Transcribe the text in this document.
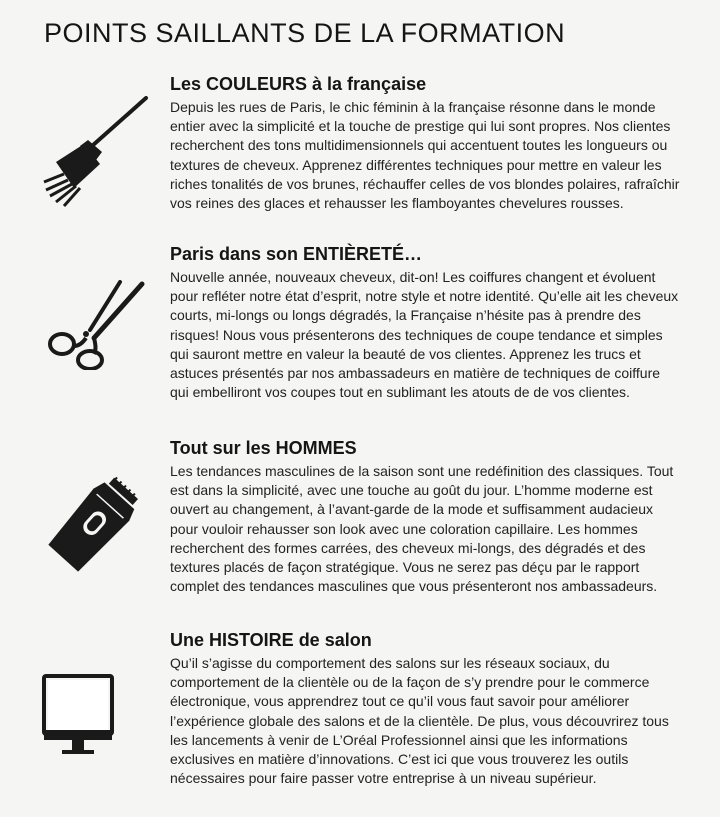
POINTS SAILLANTS DE LA FORMATION
Les COULEURS à la française

Depuis les rues de Paris, le chic féminin à la française résonne dans le monde entier avec la simplicité et la touche de prestige qui lui sont propres. Nos clientes recherchent des tons multidimensionnels qui accentuent toutes les longueurs ou textures de cheveux. Apprenez différentes techniques pour mettre en valeur les riches tonalités de vos brunes, réchauffer celles de vos blondes polaires, rafraîchir vos reines des glaces et rehausser les flamboyantes chevelures rousses.

Paris dans son ENTIÈRETÉ…

Nouvelle année, nouveaux cheveux, dit-on! Les coiffures changent et évoluent pour refléter notre état d’esprit, notre style et notre identité. Qu’elle ait les cheveux courts, mi-longs ou longs dégradés, la Française n’hésite pas à prendre des risques! Nous vous présenterons des techniques de coupe tendance et simples qui sauront mettre en valeur la beauté de vos clientes. Apprenez les trucs et astuces présentés par nos ambassadeurs en matière de techniques de coiffure qui embelliront vos coupes tout en sublimant les atouts de de vos clientes.

Tout sur les HOMMES

Les tendances masculines de la saison sont une redéfinition des classiques. Tout est dans la simplicité, avec une touche au goût du jour. L’homme moderne est ouvert au changement, à l’avant-garde de la mode et suffisamment audacieux pour vouloir rehausser son look avec une coloration capillaire. Les hommes recherchent des formes carrées, des cheveux mi-longs, des dégradés et des textures placés de façon stratégique. Vous ne serez pas déçu par le rapport complet des tendances masculines que vous présenteront nos ambassadeurs.

Une HISTOIRE de salon

Qu’il s’agisse du comportement des salons sur les réseaux sociaux, du comportement de la clientèle ou de la façon de s’y prendre pour le commerce électronique, vous apprendrez tout ce qu’il vous faut savoir pour améliorer l’expérience globale des salons et de la clientèle. De plus, vous découvrirez tous les lancements à venir de L’Oréal Professionnel ainsi que les informations exclusives en matière d’innovations. C’est ici que vous trouverez les outils nécessaires pour faire passer votre entreprise à un niveau supérieur.
